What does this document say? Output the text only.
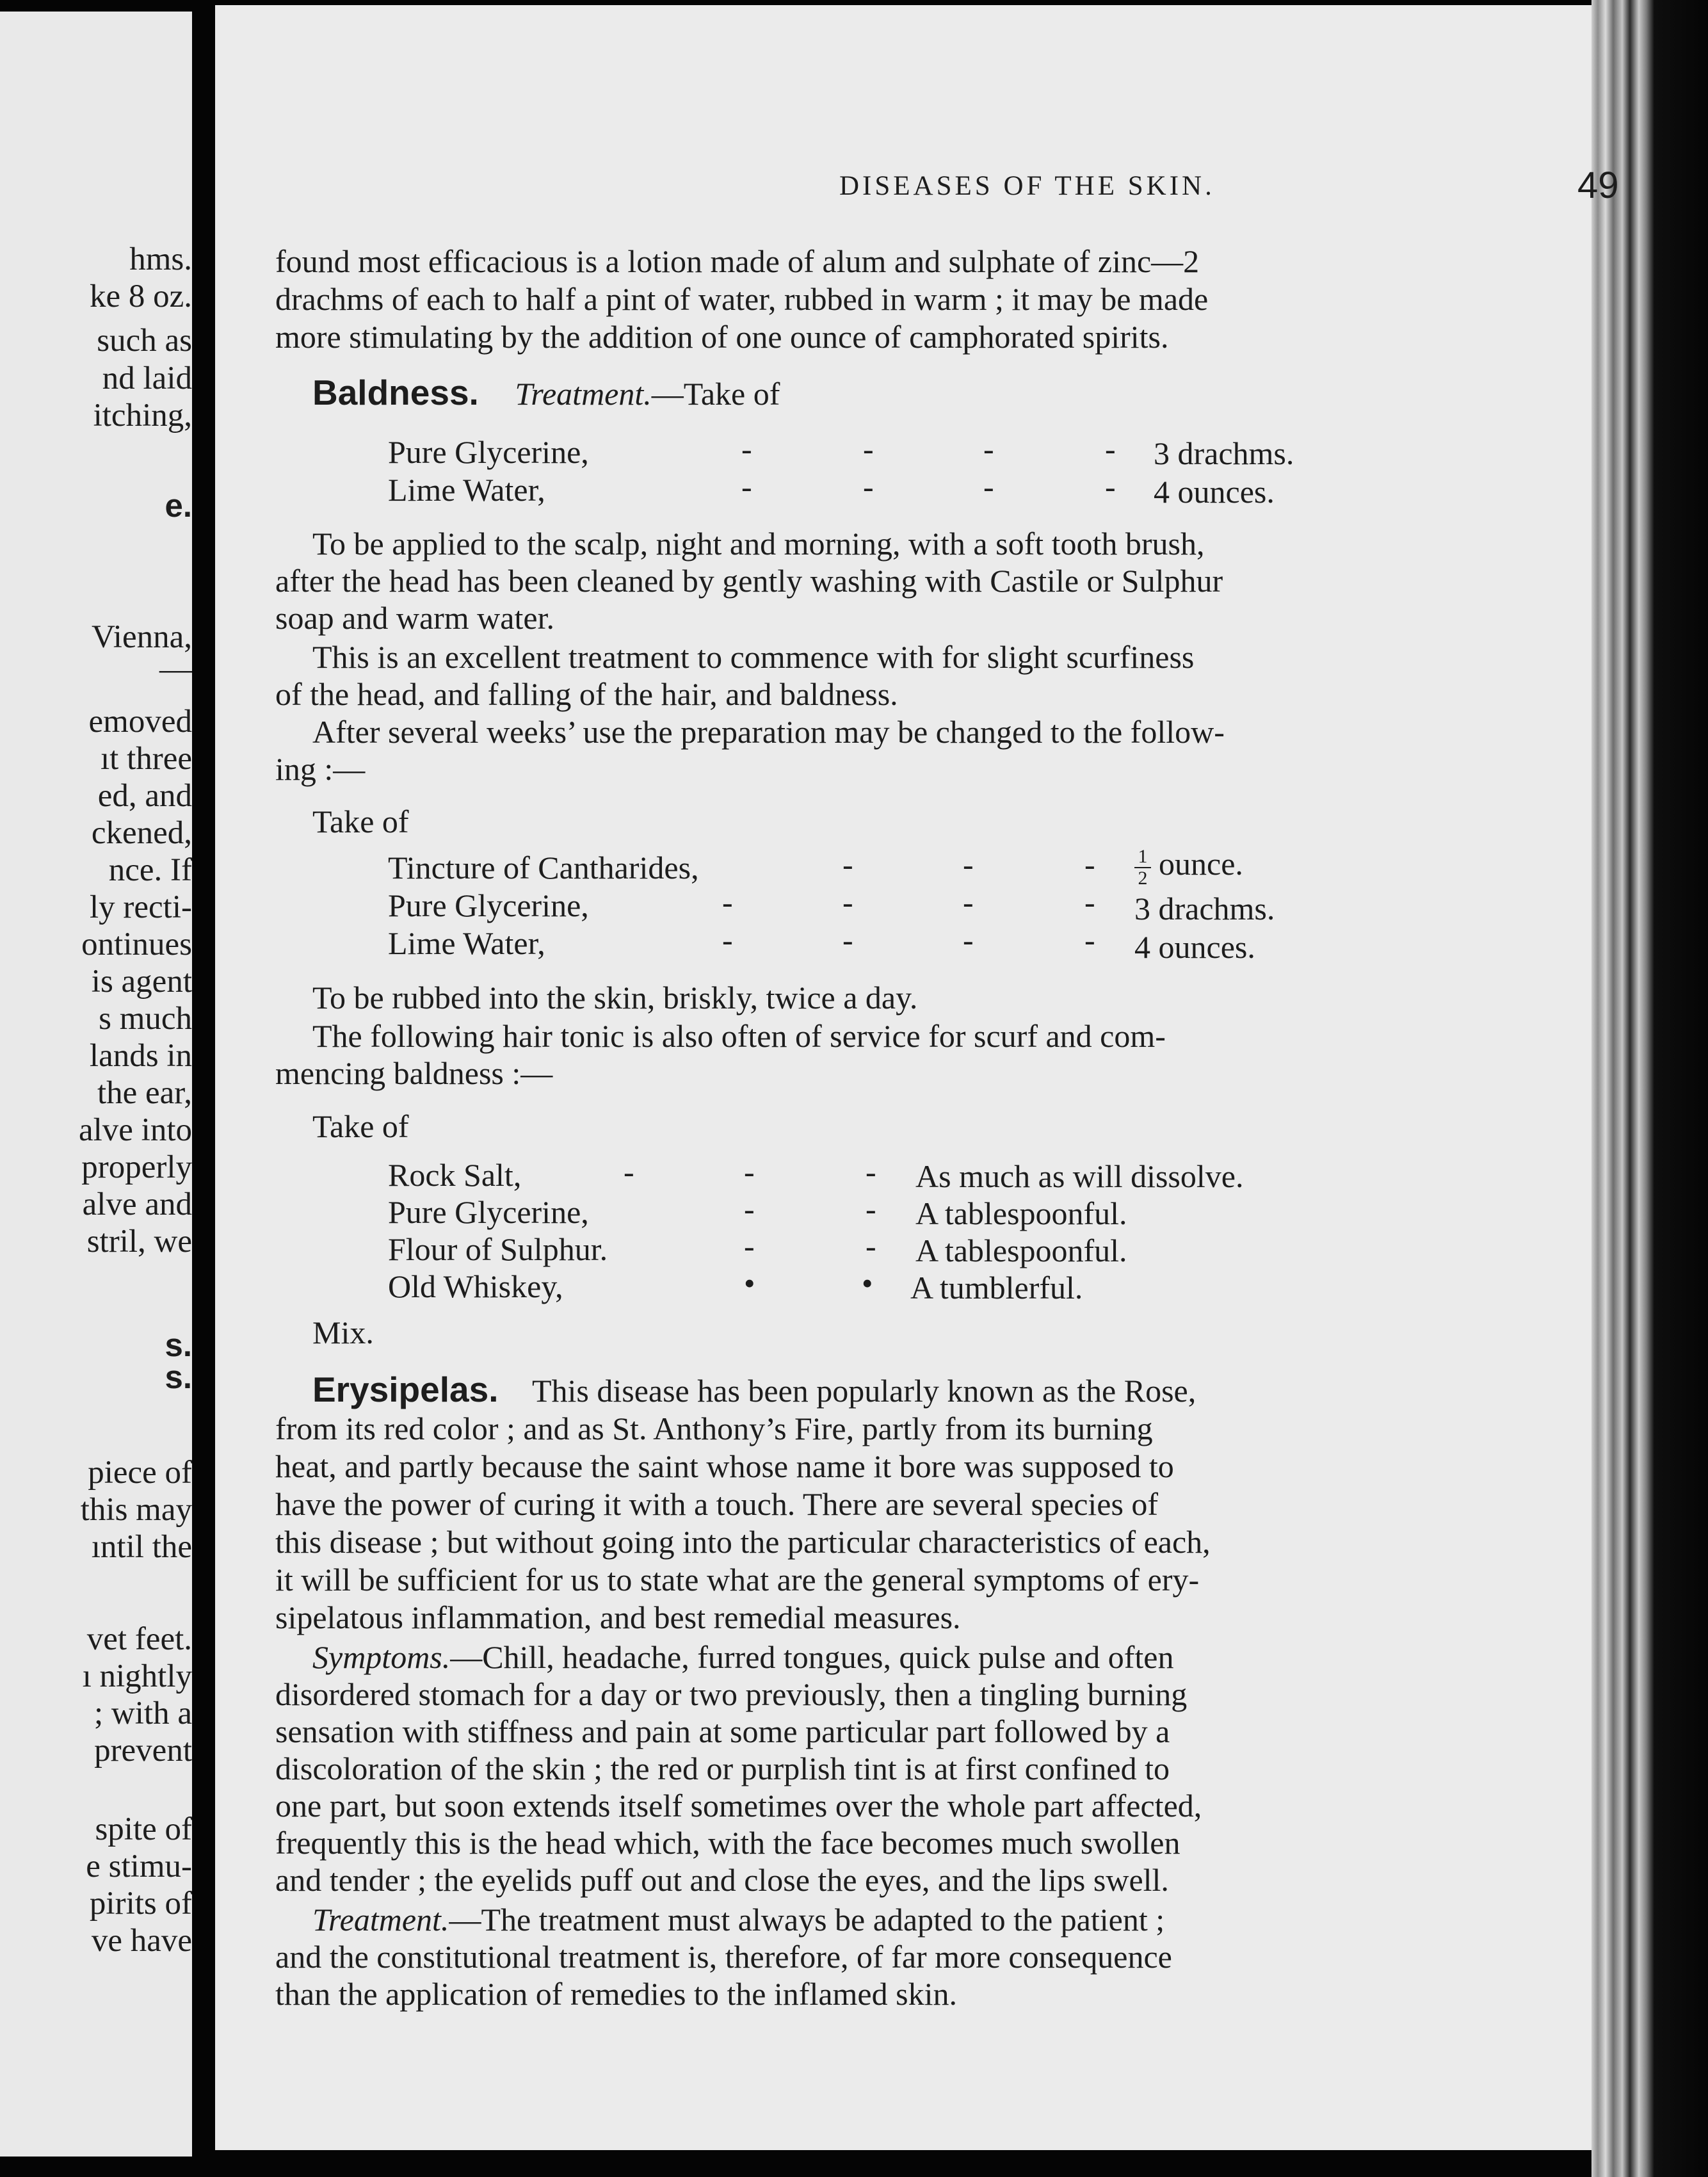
hms.
ke 8 oz.
such as
nd laid
itching,
e.
Vienna,
—
emoved
ıt three
ed, and
ckened,
nce. If
ly recti-
ontinues
is agent
s much
lands in
the ear,
alve into
properly
alve and
stril, we
s.
s.
piece of
this may
ıntil the
vet feet.
ı nightly
; with a
prevent
spite of
e stimu-
pirits of
ve have
DISEASES OF THE SKIN.	49
found most efficacious is a lotion made of alum and sulphate of zinc—2
drachms of each to half a pint of water, rubbed in warm ; it may be made
more stimulating by the addition of one ounce of camphorated spirits.
Baldness. Treatment.—Take of
Pure Glycerine,	-	-	-	- 3 drachms.
Lime Water,	-	-	-	- 4 ounces.
To be applied to the scalp, night and morning, with a soft tooth brush,
after the head has been cleaned by gently washing with Castile or Sulphur
soap and warm water.
This is an excellent treatment to commence with for slight scurfiness
of the head, and falling of the hair, and baldness.
After several weeks’ use the preparation may be changed to the follow-
ing :—
Take of
Tincture of Cantharides,	-	-	- $\frac{1}{2}$ ounce.
Pure Glycerine,	-	-	-	- 3 drachms.
Lime Water,	-	-	-	- 4 ounces.
To be rubbed into the skin, briskly, twice a day.
The following hair tonic is also often of service for scurf and com-
mencing baldness :—
Take of
Rock Salt,	-	-	- As much as will dissolve.
Pure Glycerine,	-	- A tablespoonful.
Flour of Sulphur.	-	- A tablespoonful.
Old Whiskey,	•	• A tumblerful.
Mix.
Erysipelas. This disease has been popularly known as the Rose,
from its red color ; and as St. Anthony’s Fire, partly from its burning
heat, and partly because the saint whose name it bore was supposed to
have the power of curing it with a touch. There are several species of
this disease ; but without going into the particular characteristics of each,
it will be sufficient for us to state what are the general symptoms of ery-
sipelatous inflammation, and best remedial measures.
Symptoms.—Chill, headache, furred tongues, quick pulse and often
disordered stomach for a day or two previously, then a tingling burning
sensation with stiffness and pain at some particular part followed by a
discoloration of the skin ; the red or purplish tint is at first confined to
one part, but soon extends itself sometimes over the whole part affected,
frequently this is the head which, with the face becomes much swollen
and tender ; the eyelids puff out and close the eyes, and the lips swell.
Treatment.—The treatment must always be adapted to the patient ;
and the constitutional treatment is, therefore, of far more consequence
than the application of remedies to the inflamed skin.
